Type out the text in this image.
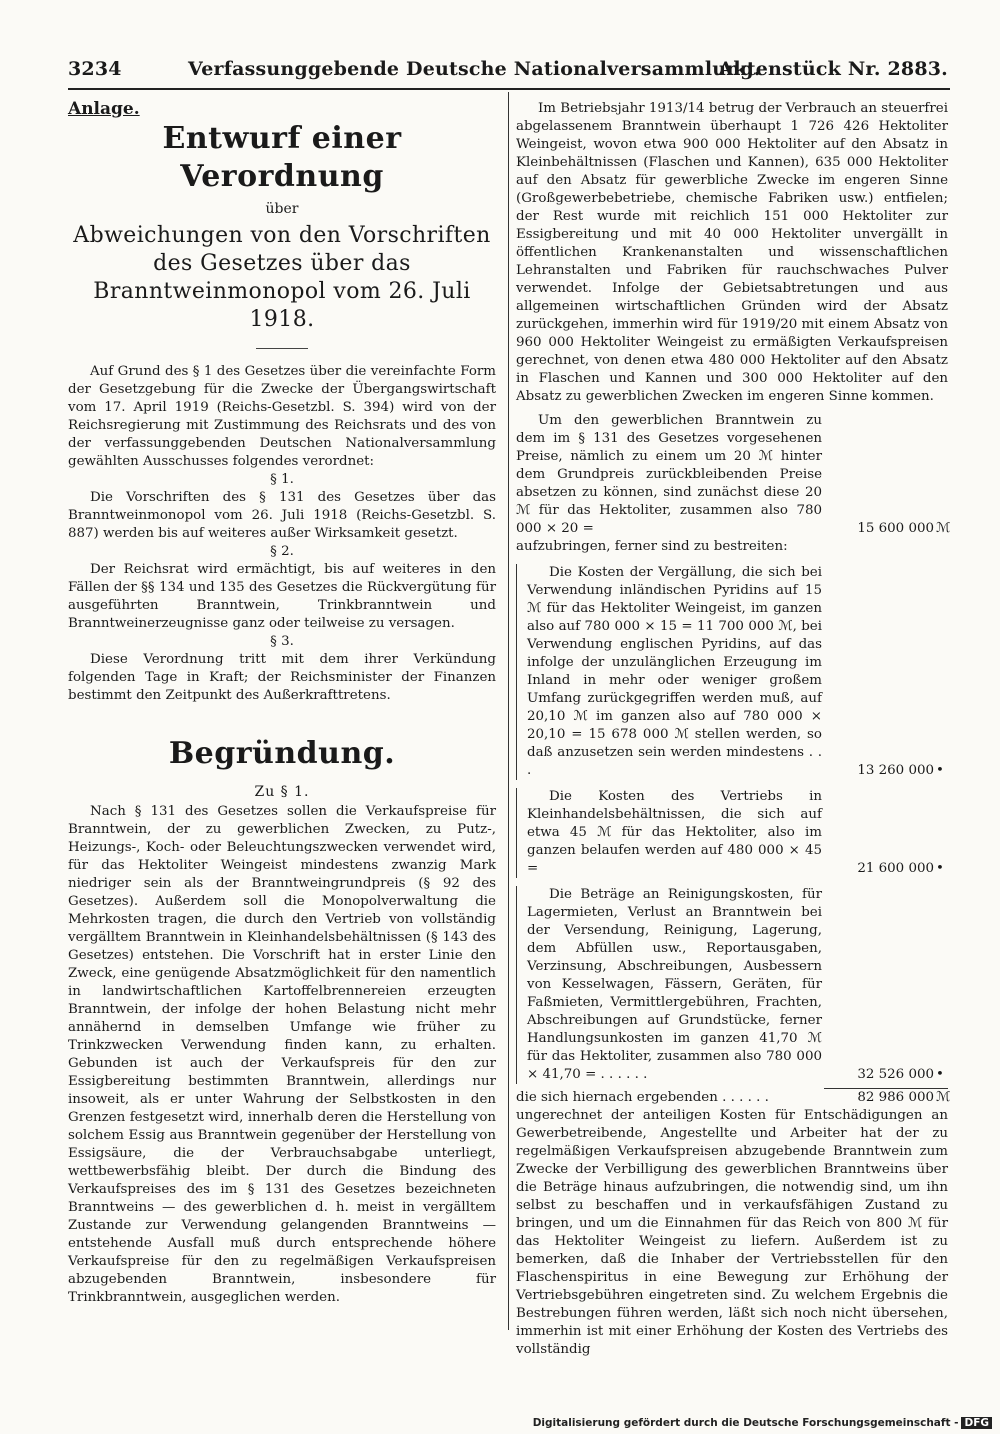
3234	Verfassunggebende Deutsche Nationalversammlung.
Aktenstück Nr. 2883.

Anlage.

Entwurf einer Verordnung
über
Abweichungen von den Vorschriften des Gesetzes über das Branntweinmonopol vom 26. Juli 1918.

Auf Grund des § 1 des Gesetzes über die vereinfachte Form der Gesetzgebung für die Zwecke der Übergangswirtschaft vom 17. April 1919 (Reichs-Gesetzbl. S. 394) wird von der Reichsregierung mit Zustimmung des Reichsrats und des von der verfassunggebenden Deutschen Nationalversammlung gewählten Ausschusses folgendes verordnet:

§ 1.

Die Vorschriften des § 131 des Gesetzes über das Branntweinmonopol vom 26. Juli 1918 (Reichs-Gesetzbl. S. 887) werden bis auf weiteres außer Wirksamkeit gesetzt.

§ 2.

Der Reichsrat wird ermächtigt, bis auf weiteres in den Fällen der §§ 134 und 135 des Gesetzes die Rückvergütung für ausgeführten Branntwein, Trinkbranntwein und Branntweinerzeugnisse ganz oder teilweise zu versagen.

§ 3.

Diese Verordnung tritt mit dem ihrer Verkündung folgenden Tage in Kraft; der Reichsminister der Finanzen bestimmt den Zeitpunkt des Außerkrafttretens.

Begründung.
Zu § 1.

Nach § 131 des Gesetzes sollen die Verkaufspreise für Branntwein, der zu gewerblichen Zwecken, zu Putz-, Heizungs-, Koch- oder Beleuchtungszwecken verwendet wird, für das Hektoliter Weingeist mindestens zwanzig Mark niedriger sein als der Branntweingrundpreis (§ 92 des Gesetzes). Außerdem soll die Monopolverwaltung die Mehrkosten tragen, die durch den Vertrieb von vollständig vergälltem Branntwein in Kleinhandelsbehältnissen (§ 143 des Gesetzes) entstehen. Die Vorschrift hat in erster Linie den Zweck, eine genügende Absatzmöglichkeit für den namentlich in landwirtschaftlichen Kartoffelbrennereien erzeugten Branntwein, der infolge der hohen Belastung nicht mehr annähernd in demselben Umfange wie früher zu Trinkzwecken Verwendung finden kann, zu erhalten. Gebunden ist auch der Verkaufspreis für den zur Essigbereitung bestimmten Branntwein, allerdings nur insoweit, als er unter Wahrung der Selbstkosten in den Grenzen festgesetzt wird, innerhalb deren die Herstellung von solchem Essig aus Branntwein gegenüber der Herstellung von Essigsäure, die der Verbrauchsabgabe unterliegt, wettbewerbsfähig bleibt. Der durch die Bindung des Verkaufspreises des im § 131 des Gesetzes bezeichneten Branntweins — des gewerblichen d. h. meist in vergälltem Zustande zur Verwendung gelangenden Branntweins — entstehende Ausfall muß durch entsprechende höhere Verkaufspreise für den zu regelmäßigen Verkaufspreisen abzugebenden Branntwein, insbesondere für Trinkbranntwein, ausgeglichen werden.

Im Betriebsjahr 1913/14 betrug der Verbrauch an steuerfrei abgelassenem Branntwein überhaupt 1 726 426 Hektoliter Weingeist, wovon etwa 900 000 Hektoliter auf den Absatz in Kleinbehältnissen (Flaschen und Kannen), 635 000 Hektoliter auf den Absatz für gewerbliche Zwecke im engeren Sinne (Großgewerbebetriebe, chemische Fabriken usw.) entfielen; der Rest wurde mit reichlich 151 000 Hektoliter zur Essigbereitung und mit 40 000 Hektoliter unvergällt in öffentlichen Krankenanstalten und wissenschaftlichen Lehranstalten und Fabriken für rauchschwaches Pulver verwendet. Infolge der Gebietsabtretungen und aus allgemeinen wirtschaftlichen Gründen wird der Absatz zurückgehen, immerhin wird für 1919/20 mit einem Absatz von 960 000 Hektoliter Weingeist zu ermäßigten Verkaufspreisen gerechnet, von denen etwa 480 000 Hektoliter auf den Absatz in Flaschen und Kannen und 300 000 Hektoliter auf den Absatz zu gewerblichen Zwecken im engeren Sinne kommen.

Um den gewerblichen Branntwein zu dem im § 131 des Gesetzes vorgesehenen Preise, nämlich zu einem um 20 ℳ hinter dem Grundpreis zurückbleibenden Preise absetzen zu können, sind zunächst diese 20 ℳ für das Hektoliter, zusammen also 780 000 × 20 =	15 600 000 ℳ

aufzubringen, ferner sind zu bestreiten:

Die Kosten der Vergällung, die sich bei Verwendung inländischen Pyridins auf 15 ℳ für das Hektoliter Weingeist, im ganzen also auf 780 000 × 15 = 11 700 000 ℳ, bei Verwendung englischen Pyridins, auf das infolge der unzulänglichen Erzeugung im Inland in mehr oder weniger großem Umfang zurückgegriffen werden muß, auf 20,10 ℳ im ganzen also auf 780 000 × 20,10 = 15 678 000 ℳ stellen werden, so daß anzusetzen sein werden mindestens . . .	13 260 000 •

Die Kosten des Vertriebs in Kleinhandelsbehältnissen, die sich auf etwa 45 ℳ für das Hektoliter, also im ganzen belaufen werden auf 480 000 × 45 =	21 600 000 •

Die Beträge an Reinigungskosten, für Lagermieten, Verlust an Branntwein bei der Versendung, Reinigung, Lagerung, dem Abfüllen usw., Reportausgaben, Verzinsung, Abschreibungen, Ausbessern von Kesselwagen, Fässern, Geräten, für Faßmieten, Vermittlergebühren, Frachten, Abschreibungen auf Grundstücke, ferner Handlungsunkosten im ganzen 41,70 ℳ für das Hektoliter, zusammen also 780 000 × 41,70 = . . . . . .	32 526 000 •
die sich hiernach ergebenden . . . . . .	82 986 000 ℳ

ungerechnet der anteiligen Kosten für Entschädigungen an Gewerbetreibende, Angestellte und Arbeiter hat der zu regelmäßigen Verkaufspreisen abzugebende Branntwein zum Zwecke der Verbilligung des gewerblichen Branntweins über die Beträge hinaus aufzubringen, die notwendig sind, um ihn selbst zu beschaffen und in verkaufsfähigen Zustand zu bringen, und um die Einnahmen für das Reich von 800 ℳ für das Hektoliter Weingeist zu liefern. Außerdem ist zu bemerken, daß die Inhaber der Vertriebsstellen für den Flaschenspiritus in eine Bewegung zur Erhöhung der Vertriebsgebühren eingetreten sind. Zu welchem Ergebnis die Bestrebungen führen werden, läßt sich noch nicht übersehen, immerhin ist mit einer Erhöhung der Kosten des Vertriebs des vollständig

Digitalisierung gefördert durch die Deutsche Forschungsgemeinschaft - DFG
